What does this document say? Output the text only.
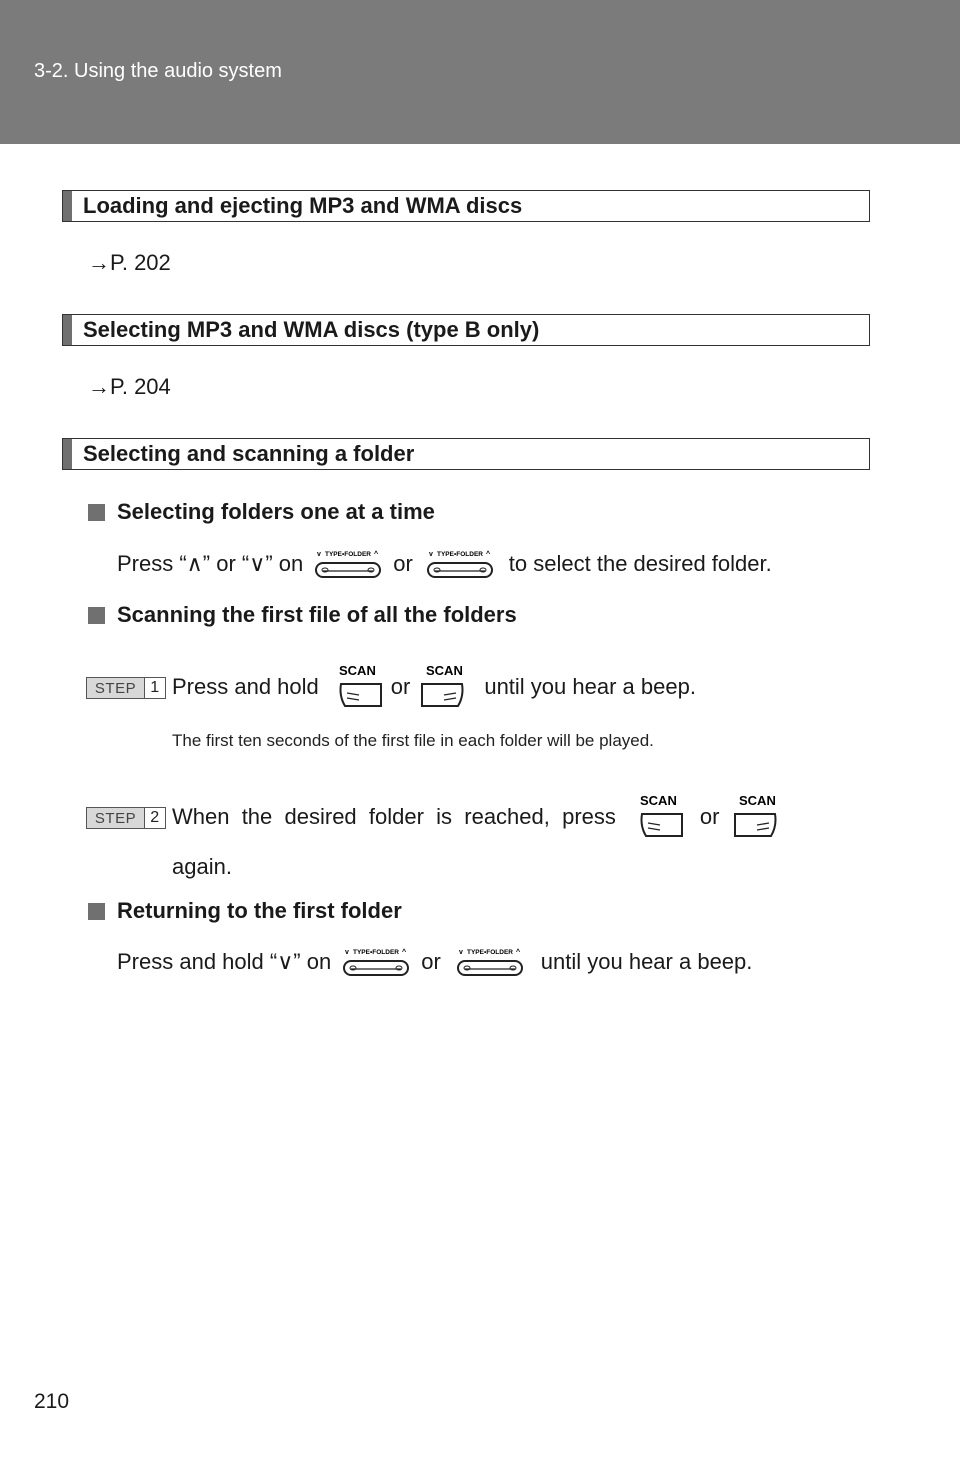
3-2. Using the audio system
Loading and ejecting MP3 and WMA discs
→P. 202
Selecting MP3 and WMA discs (type B only)
→P. 204
Selecting and scanning a folder
Selecting folders one at a time
Press “∧” or “∨” on v TYPE•FOLDER ^ or v TYPE•FOLDER ^ to select the desired folder.
Scanning the first file of all the folders
STEP 1 Press and hold
SCAN
or
SCAN
until you hear a beep.
The first ten seconds of the first file in each folder will be played.
STEP 2 When  the  desired  folder  is  reached,  press
SCAN
or
SCAN
again.
Returning to the first folder
Press and hold “∨” on v TYPE•FOLDER ^ or	v TYPE•FOLDER ^ until you hear a beep.
210
